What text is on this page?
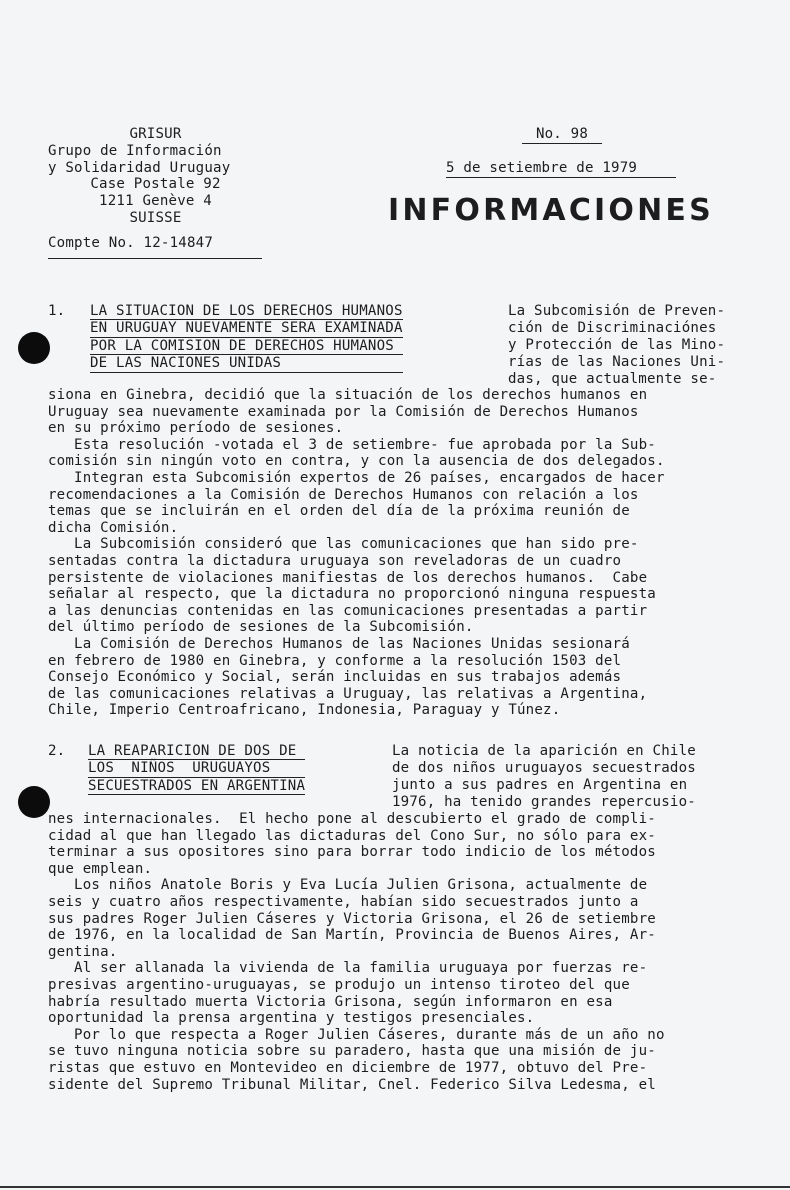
GRISUR
Grupo de Información
y Solidaridad Uruguay
Case Postale 92
1211 Genève 4
SUISSE
Compte No. 12-14847
No. 98
5 de setiembre de 1979
INFORMACIONES
1. LA SITUACION DE LOS DERECHOS HUMANOS
EN URUGUAY NUEVAMENTE SERA EXAMINADA
POR LA COMISION DE DERECHOS HUMANOS
DE LAS NACIONES UNIDAS
La Subcomisión de Preven-
ción de Discriminaciónes
y Protección de las Mino-
rías de las Naciones Uni-
das, que actualmente se-
siona en Ginebra, decidió que la situación de los derechos humanos en
Uruguay sea nuevamente examinada por la Comisión de Derechos Humanos
en su próximo período de sesiones.
Esta resolución -votada el 3 de setiembre- fue aprobada por la Sub-
comisión sin ningún voto en contra, y con la ausencia de dos delegados.
Integran esta Subcomisión expertos de 26 países, encargados de hacer
recomendaciones a la Comisión de Derechos Humanos con relación a los
temas que se incluirán en el orden del día de la próxima reunión de
dicha Comisión.
La Subcomisión consideró que las comunicaciones que han sido pre-
sentadas contra la dictadura uruguaya son reveladoras de un cuadro
persistente de violaciones manifiestas de los derechos humanos.  Cabe
señalar al respecto, que la dictadura no proporcionó ninguna respuesta
a las denuncias contenidas en las comunicaciones presentadas a partir
del último período de sesiones de la Subcomisión.
La Comisión de Derechos Humanos de las Naciones Unidas sesionará
en febrero de 1980 en Ginebra, y conforme a la resolución 1503 del
Consejo Económico y Social, serán incluidas en sus trabajos además
de las comunicaciones relativas a Uruguay, las relativas a Argentina,
Chile, Imperio Centroafricano, Indonesia, Paraguay y Túnez.
2. LA REAPARICION DE DOS DE
LOS  NIÑOS  URUGUAYOS
SECUESTRADOS EN ARGENTINA
La noticia de la aparición en Chile
de dos niños uruguayos secuestrados
junto a sus padres en Argentina en
1976, ha tenido grandes repercusio-
nes internacionales.  El hecho pone al descubierto el grado de compli-
cidad al que han llegado las dictaduras del Cono Sur, no sólo para ex-
terminar a sus opositores sino para borrar todo indicio de los métodos
que emplean.
Los niños Anatole Boris y Eva Lucía Julien Grisona, actualmente de
seis y cuatro años respectivamente, habían sido secuestrados junto a
sus padres Roger Julien Cáseres y Victoria Grisona, el 26 de setiembre
de 1976, en la localidad de San Martín, Provincia de Buenos Aires, Ar-
gentina.
Al ser allanada la vivienda de la familia uruguaya por fuerzas re-
presivas argentino-uruguayas, se produjo un intenso tiroteo del que
habría resultado muerta Victoria Grisona, según informaron en esa
oportunidad la prensa argentina y testigos presenciales.
Por lo que respecta a Roger Julien Cáseres, durante más de un año no
se tuvo ninguna noticia sobre su paradero, hasta que una misión de ju-
ristas que estuvo en Montevideo en diciembre de 1977, obtuvo del Pre-
sidente del Supremo Tribunal Militar, Cnel. Federico Silva Ledesma, el
